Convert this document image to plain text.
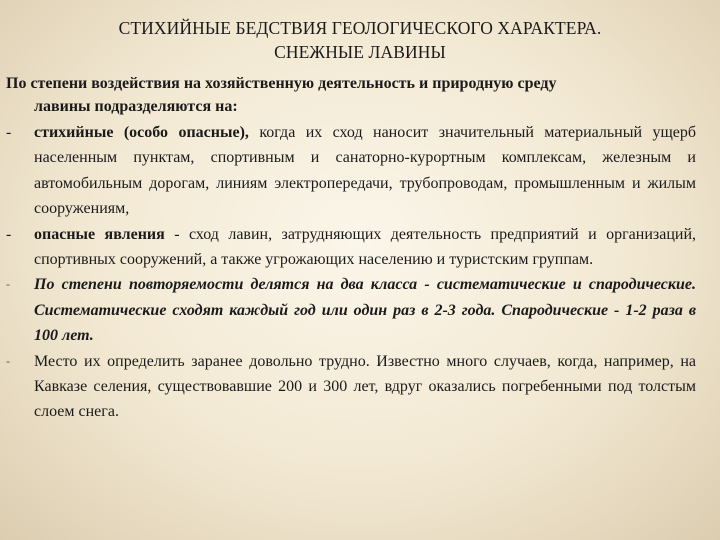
СТИХИЙНЫЕ БЕДСТВИЯ ГЕОЛОГИЧЕСКОГО ХАРАКТЕРА.
СНЕЖНЫЕ ЛАВИНЫ
По степени воздействия на хозяйственную деятельность и природную среду
лавины подразделяются на:
- стихийные (особо опасные), когда их сход наносит значительный материальный ущерб населенным пунктам, спортивным и санаторно-курортным комплексам, железным и автомобильным дорогам, линиям электропередачи, трубопроводам, промышленным и жилым сооружениям,
- опасные явления - сход лавин, затрудняющих деятельность предприятий и организаций, спортивных сооружений, а также угрожающих населению и туристским группам.
- По степени повторяемости делятся на два класса - систематические и спародические. Систематические сходят каждый год или один раз в 2-3 года. Спародические - 1-2 раза в 100 лет.
- Место их определить заранее довольно трудно. Известно много случаев, когда, например, на Кавказе селения, существовавшие 200 и 300 лет, вдруг оказались погребенными под толстым слоем снега.
